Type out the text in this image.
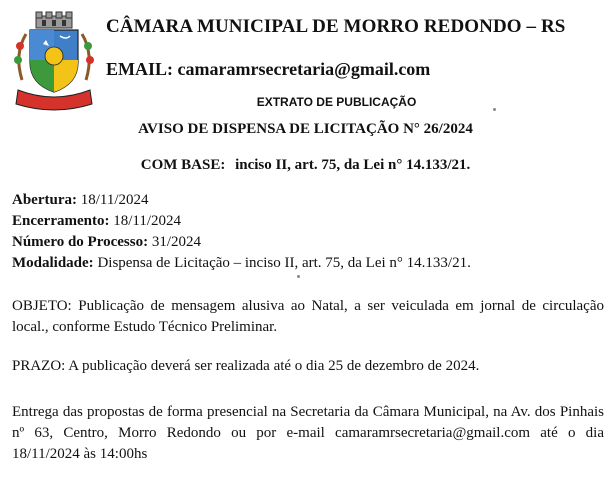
CÂMARA MUNICIPAL DE MORRO REDONDO – RS
EMAIL: camaramrsecretaria@gmail.com
EXTRATO DE PUBLICAÇÃO
AVISO DE DISPENSA DE LICITAÇÃO N° 26/2024
COM BASE: inciso II, art. 75, da Lei n° 14.133/21.
Abertura: 18/11/2024
Encerramento: 18/11/2024
Número do Processo: 31/2024
Modalidade: Dispensa de Licitação – inciso II, art. 75, da Lei n° 14.133/21.
OBJETO: Publicação de mensagem alusiva ao Natal, a ser veiculada em jornal de circulação local., conforme Estudo Técnico Preliminar.
PRAZO: A publicação deverá ser realizada até o dia 25 de dezembro de 2024.
Entrega das propostas de forma presencial na Secretaria da Câmara Municipal, na Av. dos Pinhais nº 63, Centro, Morro Redondo ou por e-mail camaramrsecretaria@gmail.com até o dia 18/11/2024 às 14:00hs
